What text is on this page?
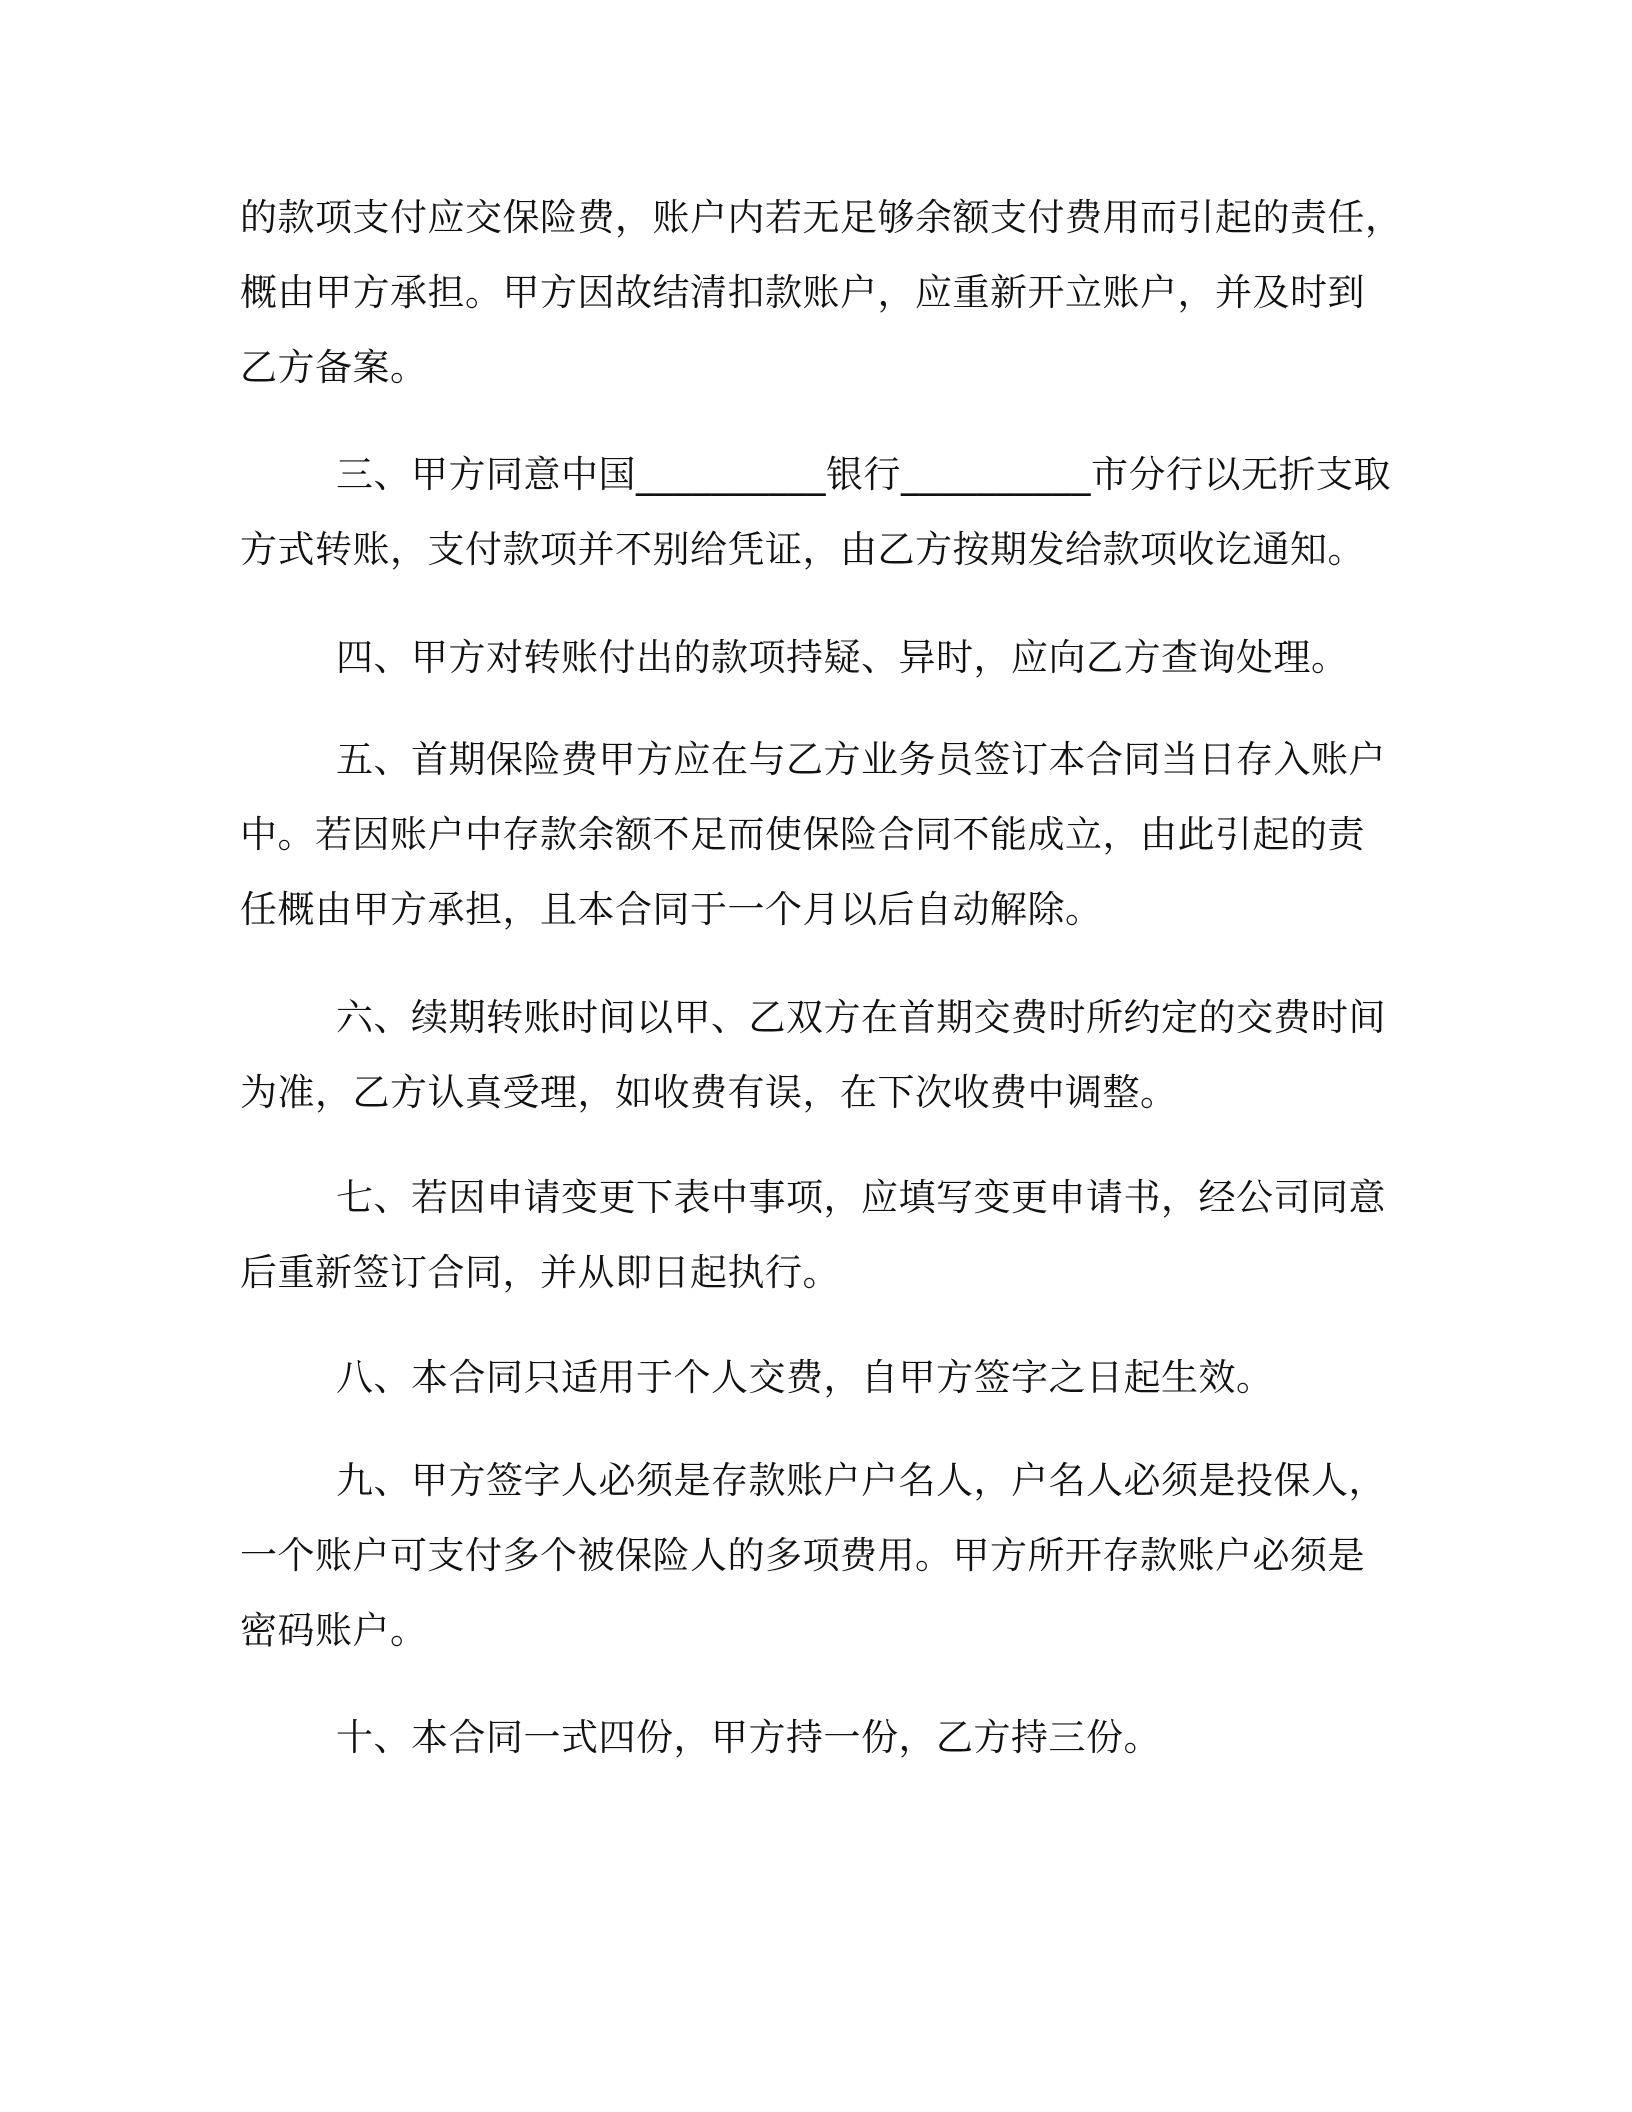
的款项支付应交保险费，账户内若无足够余额支付费用而引起的责任，
概由甲方承担。甲方因故结清扣款账户，应重新开立账户，并及时到
乙方备案。

三、甲方同意中国__________银行__________市分行以无折支取
方式转账，支付款项并不别给凭证，由乙方按期发给款项收讫通知。

四、甲方对转账付出的款项持疑、异时，应向乙方查询处理。

五、首期保险费甲方应在与乙方业务员签订本合同当日存入账户
中。若因账户中存款余额不足而使保险合同不能成立，由此引起的责
任概由甲方承担，且本合同于一个月以后自动解除。

六、续期转账时间以甲、乙双方在首期交费时所约定的交费时间
为准，乙方认真受理，如收费有误，在下次收费中调整。

七、若因申请变更下表中事项，应填写变更申请书，经公司同意
后重新签订合同，并从即日起执行。

八、本合同只适用于个人交费，自甲方签字之日起生效。

九、甲方签字人必须是存款账户户名人，户名人必须是投保人，
一个账户可支付多个被保险人的多项费用。甲方所开存款账户必须是
密码账户。

十、本合同一式四份，甲方持一份，乙方持三份。
